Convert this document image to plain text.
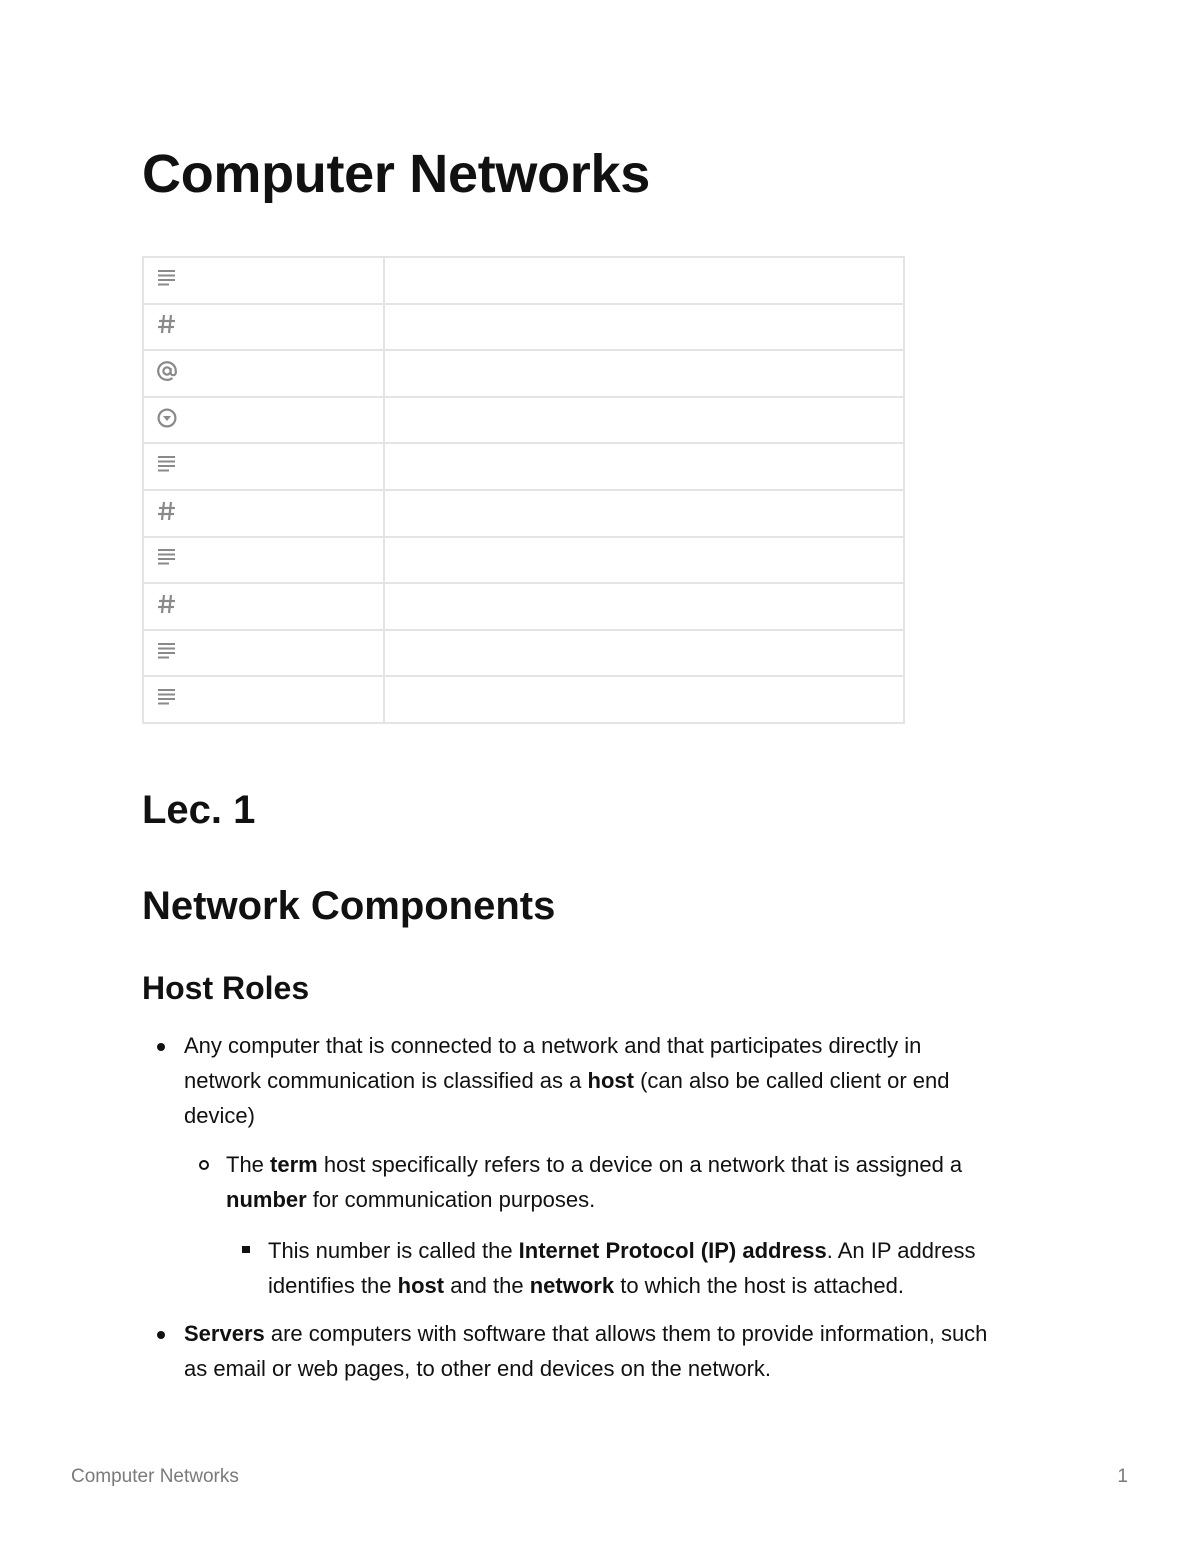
Computer Networks

Lec. 1
Network Components
Host Roles

Any computer that is connected to a network and that participates directly in
network communication is classified as a host (can also be called client or end
device)

The term host specifically refers to a device on a network that is assigned a
number for communication purposes.

This number is called the Internet Protocol (IP) address. An IP address
identifies the host and the network to which the host is attached.

Servers are computers with software that allows them to provide information, such
as email or web pages, to other end devices on the network.

Computer Networks	1
